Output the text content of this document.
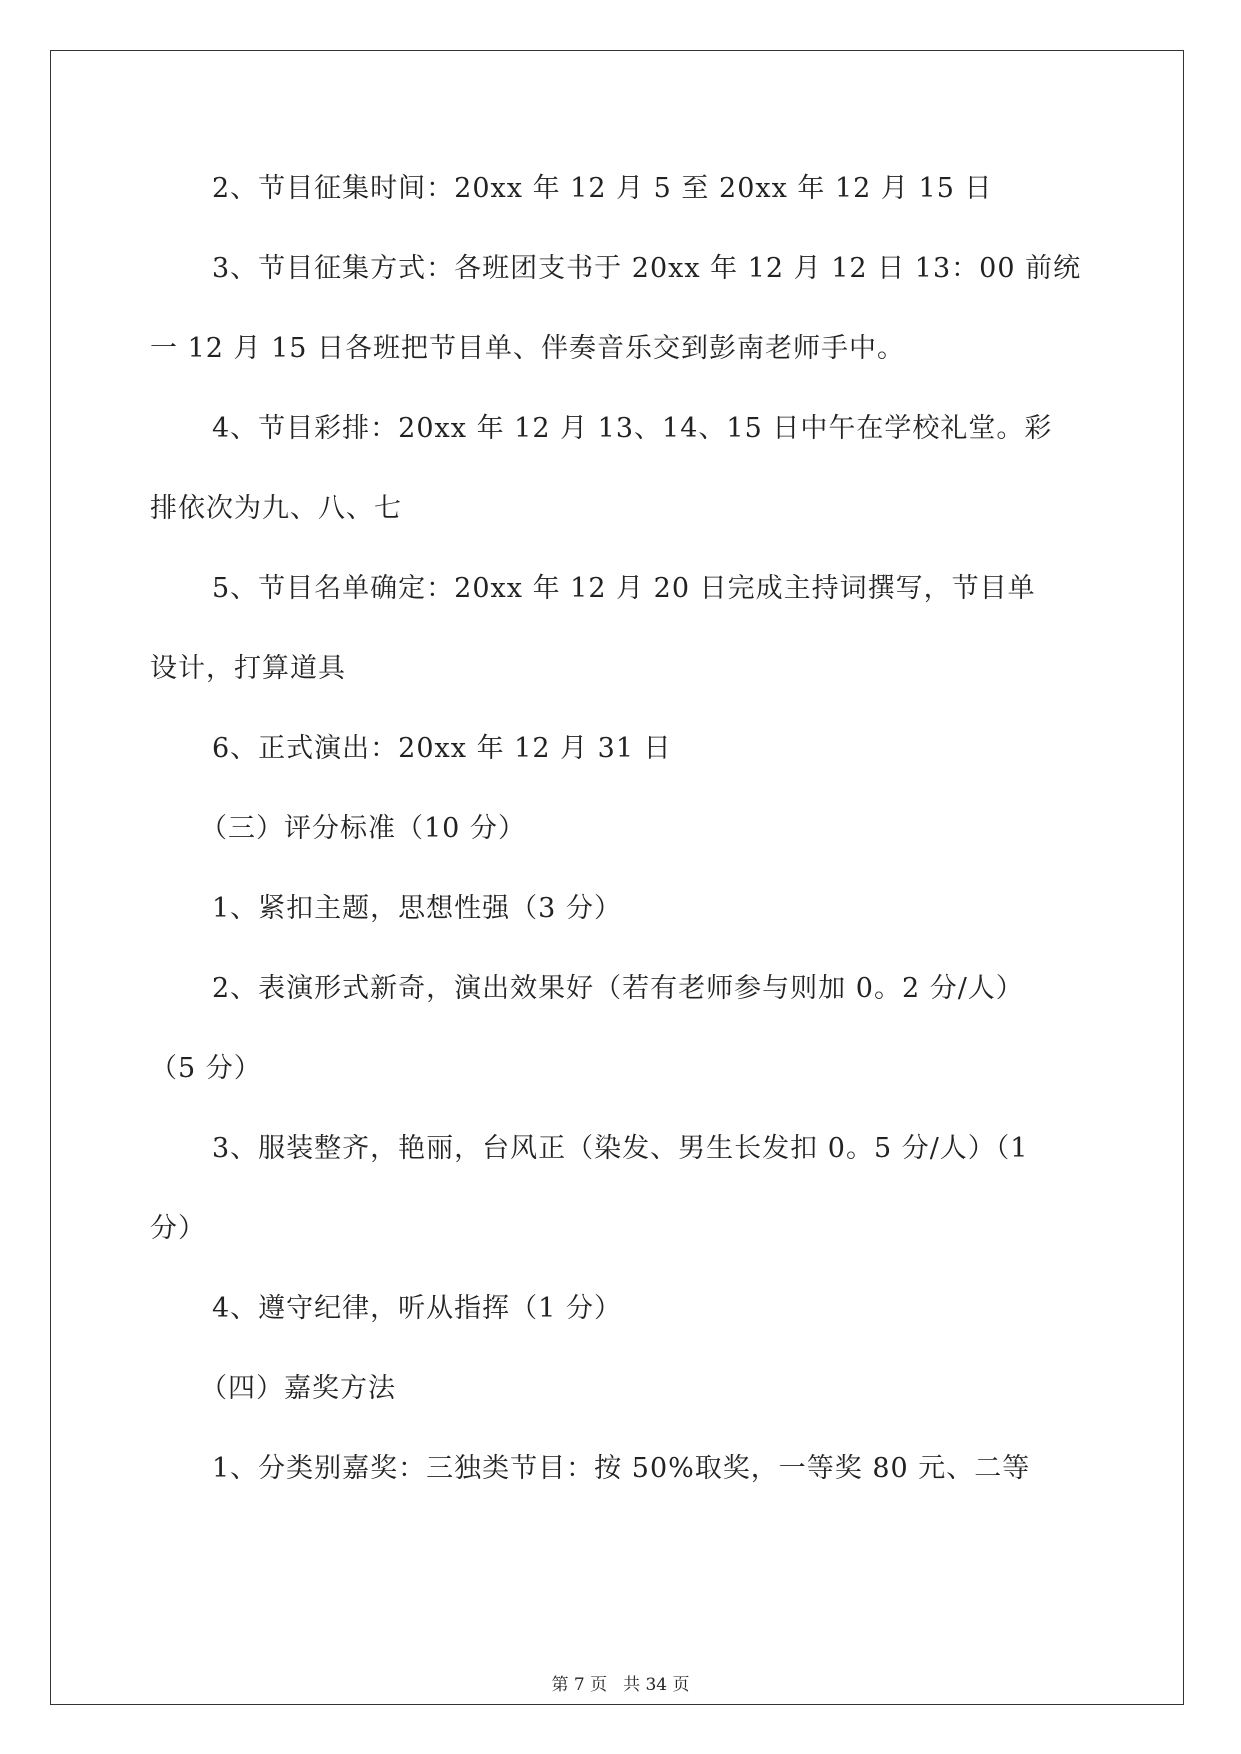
2、节目征集时间：20xx 年 12 月 5 至 20xx 年 12 月 15 日

3、节目征集方式：各班团支书于 20xx 年 12 月 12 日 13：00 前统

一 12 月 15 日各班把节目单、伴奏音乐交到彭南老师手中。

4、节目彩排：20xx 年 12 月 13、14、15 日中午在学校礼堂。彩

排依次为九、八、七

5、节目名单确定：20xx 年 12 月 20 日完成主持词撰写，节目单

设计，打算道具

6、正式演出：20xx 年 12 月 31 日

（三）评分标准（10 分）

1、紧扣主题，思想性强（3 分）

2、表演形式新奇，演出效果好（若有老师参与则加 0。2 分/人）

（5 分）

3、服装整齐，艳丽，台风正（染发、男生长发扣 0。5 分/人）（1

分）

4、遵守纪律，听从指挥（1 分）

（四）嘉奖方法

1、分类别嘉奖：三独类节目：按 50%取奖，一等奖 80 元、二等

第 7 页 共 34 页
